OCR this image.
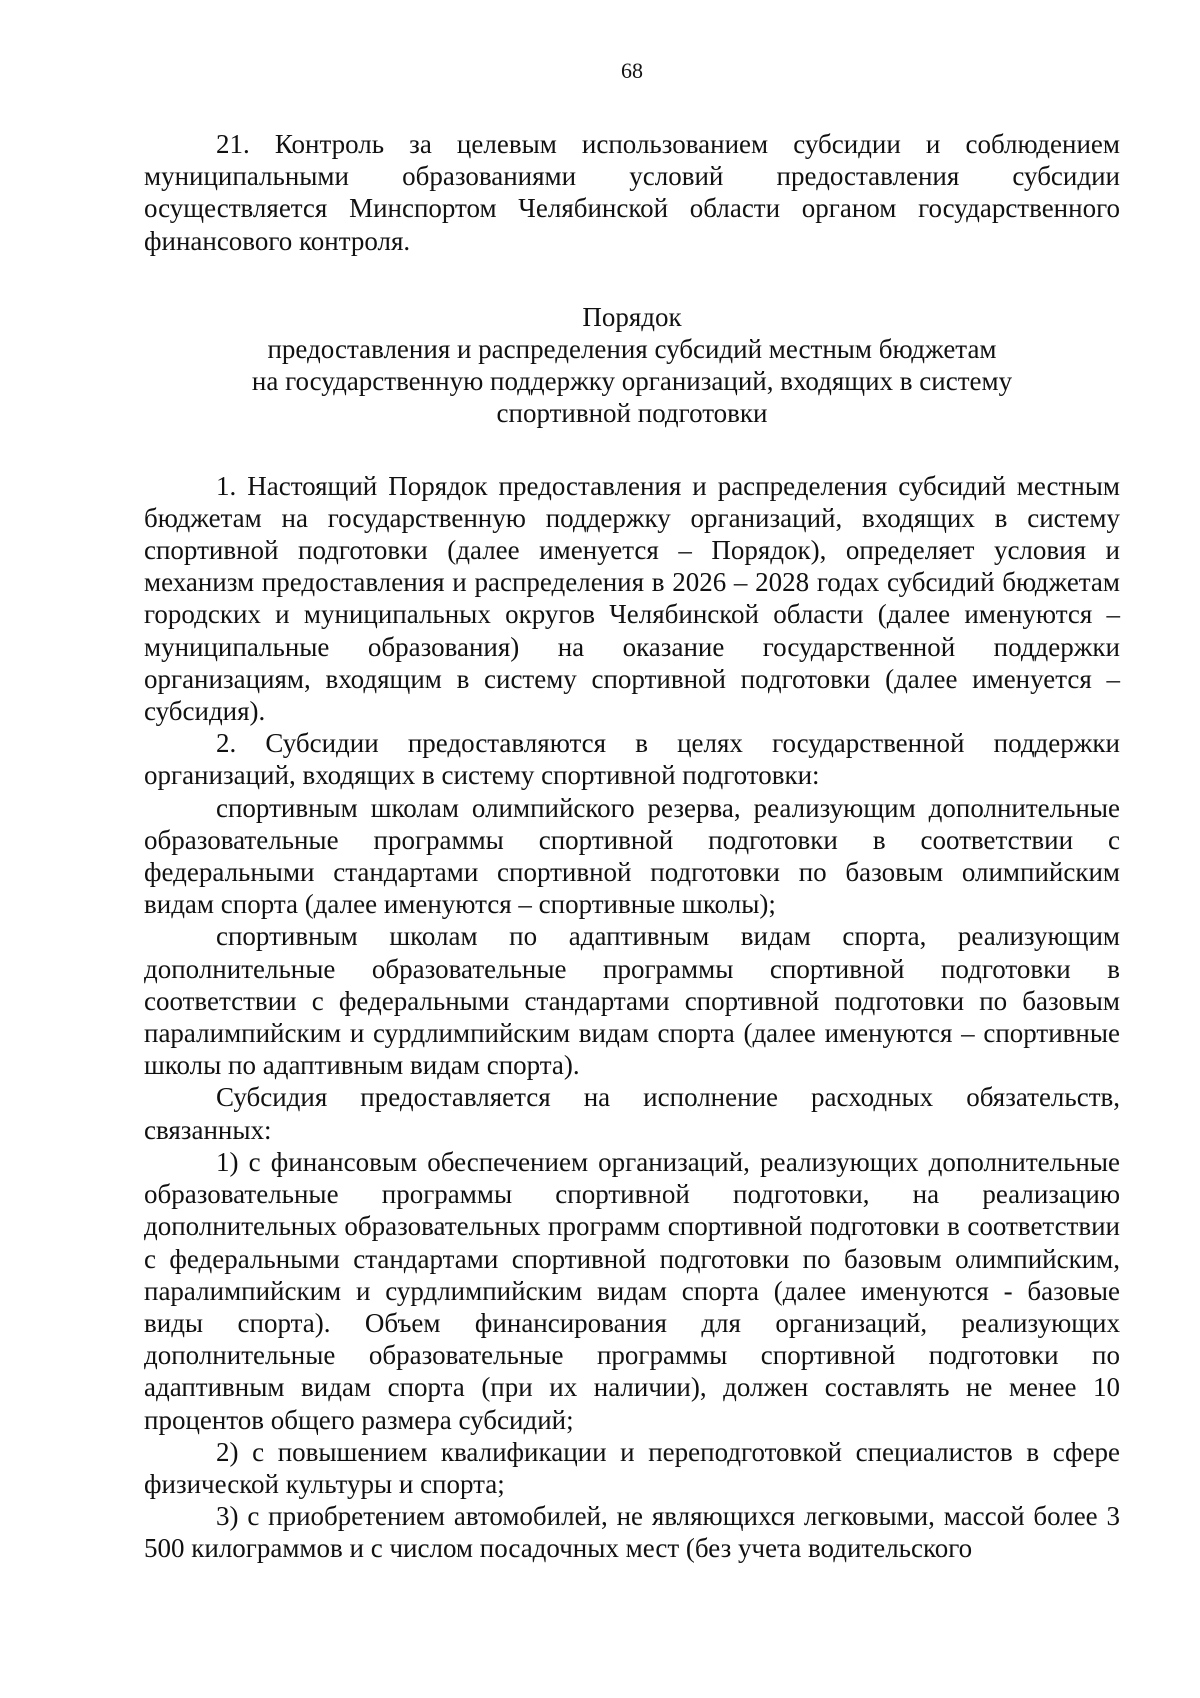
68

21. Контроль за целевым использованием субсидии и соблюдением муниципальными образованиями условий предоставления субсидии осуществляется Минспортом Челябинской области органом государственного финансового контроля.

Порядок
предоставления и распределения субсидий местным бюджетам
на государственную поддержку организаций, входящих в систему
спортивной подготовки

1. Настоящий Порядок предоставления и распределения субсидий местным бюджетам на государственную поддержку организаций, входящих в систему спортивной подготовки (далее именуется – Порядок), определяет условия и механизм предоставления и распределения в 2026 – 2028 годах субсидий бюджетам городских и муниципальных округов Челябинской области (далее именуются – муниципальные образования) на оказание государственной поддержки организациям, входящим в систему спортивной подготовки (далее именуется – субсидия).

2. Субсидии предоставляются в целях государственной поддержки организаций, входящих в систему спортивной подготовки:

спортивным школам олимпийского резерва, реализующим дополнительные образовательные программы спортивной подготовки в соответствии с федеральными стандартами спортивной подготовки по базовым олимпийским видам спорта (далее именуются – спортивные школы);

спортивным школам по адаптивным видам спорта, реализующим дополнительные образовательные программы спортивной подготовки в соответствии с федеральными стандартами спортивной подготовки по базовым паралимпийским и сурдлимпийским видам спорта (далее именуются – спортивные школы по адаптивным видам спорта).

Субсидия предоставляется на исполнение расходных обязательств, связанных:

1) с финансовым обеспечением организаций, реализующих дополнительные образовательные программы спортивной подготовки, на реализацию дополнительных образовательных программ спортивной подготовки в соответствии с федеральными стандартами спортивной подготовки по базовым олимпийским, паралимпийским и сурдлимпийским видам спорта (далее именуются - базовые виды спорта). Объем финансирования для организаций, реализующих дополнительные образовательные программы спортивной подготовки по адаптивным видам спорта (при их наличии), должен составлять не менее 10 процентов общего размера субсидий;

2) с повышением квалификации и переподготовкой специалистов в сфере физической культуры и спорта;

3) с приобретением автомобилей, не являющихся легковыми, массой более 3 500 килограммов и с числом посадочных мест (без учета водительского
